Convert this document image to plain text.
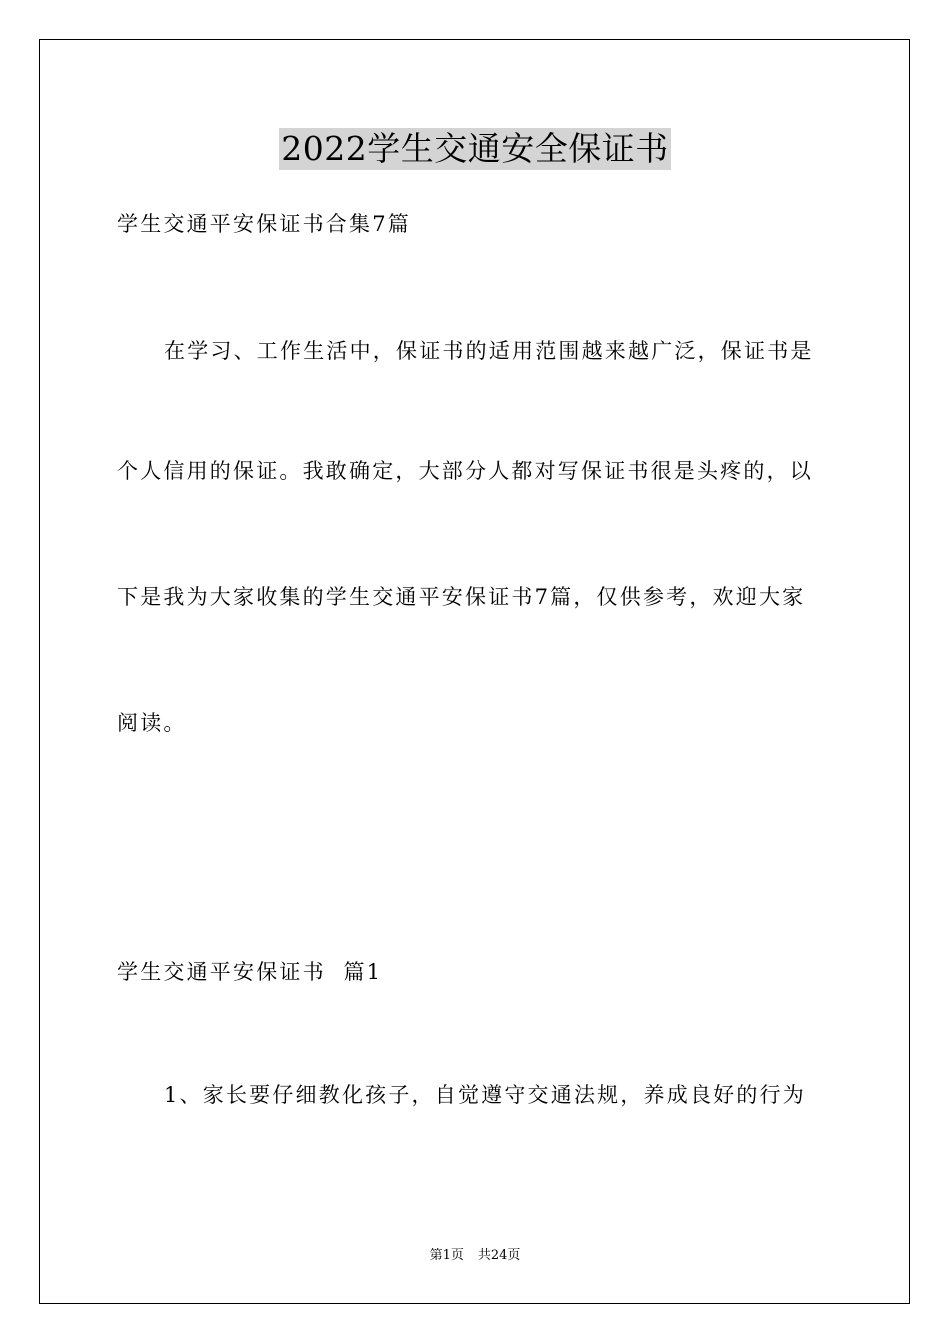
2022学生交通安全保证书
学生交通平安保证书合集7篇
在学习、工作生活中，保证书的适用范围越来越广泛，保证书是
个人信用的保证。我敢确定，大部分人都对写保证书很是头疼的，以
下是我为大家收集的学生交通平安保证书7篇，仅供参考，欢迎大家
阅读。
学生交通平安保证书  篇1
1、家长要仔细教化孩子，自觉遵守交通法规，养成良好的行为
第1页 共24页
